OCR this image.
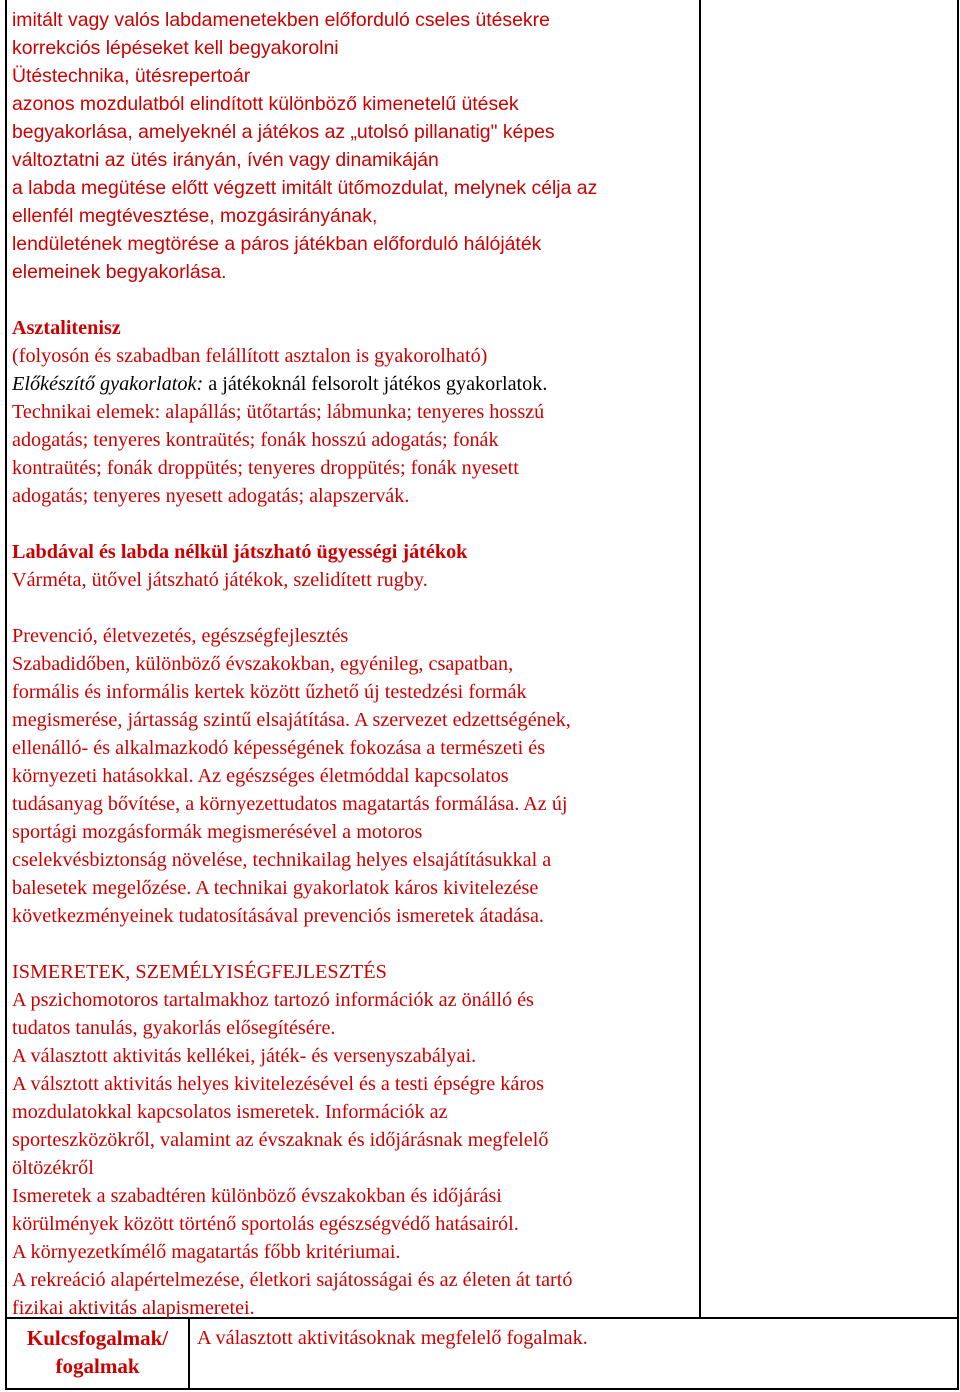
imitált vagy valós labdamenetekben előforduló cseles ütésekre

korrekciós lépéseket kell begyakorolni

Ütéstechnika, ütésrepertoár

azonos mozdulatból elindított különböző kimenetelű ütések

begyakorlása, amelyeknél a játékos az „utolsó pillanatig" képes

változtatni az ütés irányán, ívén vagy dinamikáján

a labda megütése előtt végzett imitált ütőmozdulat, melynek célja az

ellenfél megtévesztése, mozgásirányának,

lendületének megtörése a páros játékban előforduló hálójáték

elemeinek begyakorlása.

Asztalitenisz

(folyosón és szabadban felállított asztalon is gyakorolható)

Előkészítő gyakorlatok: a játékoknál felsorolt játékos gyakorlatok.

Technikai elemek: alapállás; ütőtartás; lábmunka; tenyeres hosszú

adogatás; tenyeres kontraütés; fonák hosszú adogatás; fonák

kontraütés; fonák droppütés; tenyeres droppütés; fonák nyesett

adogatás; tenyeres nyesett adogatás; alapszervák.

Labdával és labda nélkül játszható ügyességi játékok

Várméta, ütővel játszható játékok, szelidített rugby.

Prevenció, életvezetés, egészségfejlesztés

Szabadidőben, különböző évszakokban, egyénileg, csapatban,

formális és informális kertek között űzhető új testedzési formák

megismerése, jártasság szintű elsajátítása. A szervezet edzettségének,

ellenálló- és alkalmazkodó képességének fokozása a természeti és

környezeti hatásokkal. Az egészséges életmóddal kapcsolatos

tudásanyag bővítése, a környezettudatos magatartás formálása. Az új

sportági mozgásformák megismerésével a motoros

cselekvésbiztonság növelése, technikailag helyes elsajátításukkal a

balesetek megelőzése. A technikai gyakorlatok káros kivitelezése

következményeinek tudatosításával prevenciós ismeretek átadása.

ISMERETEK, SZEMÉLYISÉGFEJLESZTÉS

A pszichomotoros tartalmakhoz tartozó információk az önálló és

tudatos tanulás, gyakorlás elősegítésére.

A választott aktivitás kellékei, játék- és versenyszabályai.

A válsztott aktivitás helyes kivitelezésével és a testi épségre káros

mozdulatokkal kapcsolatos ismeretek. Információk az

sporteszközökről, valamint az évszaknak és időjárásnak megfelelő

öltözékről

Ismeretek a szabadtéren különböző évszakokban és időjárási

körülmények között történő sportolás egészségvédő hatásairól.

A környezetkímélő magatartás főbb kritériumai.

A rekreáció alapértelmezése, életkori sajátosságai és az életen át tartó

fizikai aktivitás alapismeretei.

Kulcsfogalmak/
fogalmak
A választott aktivitásoknak megfelelő fogalmak.
